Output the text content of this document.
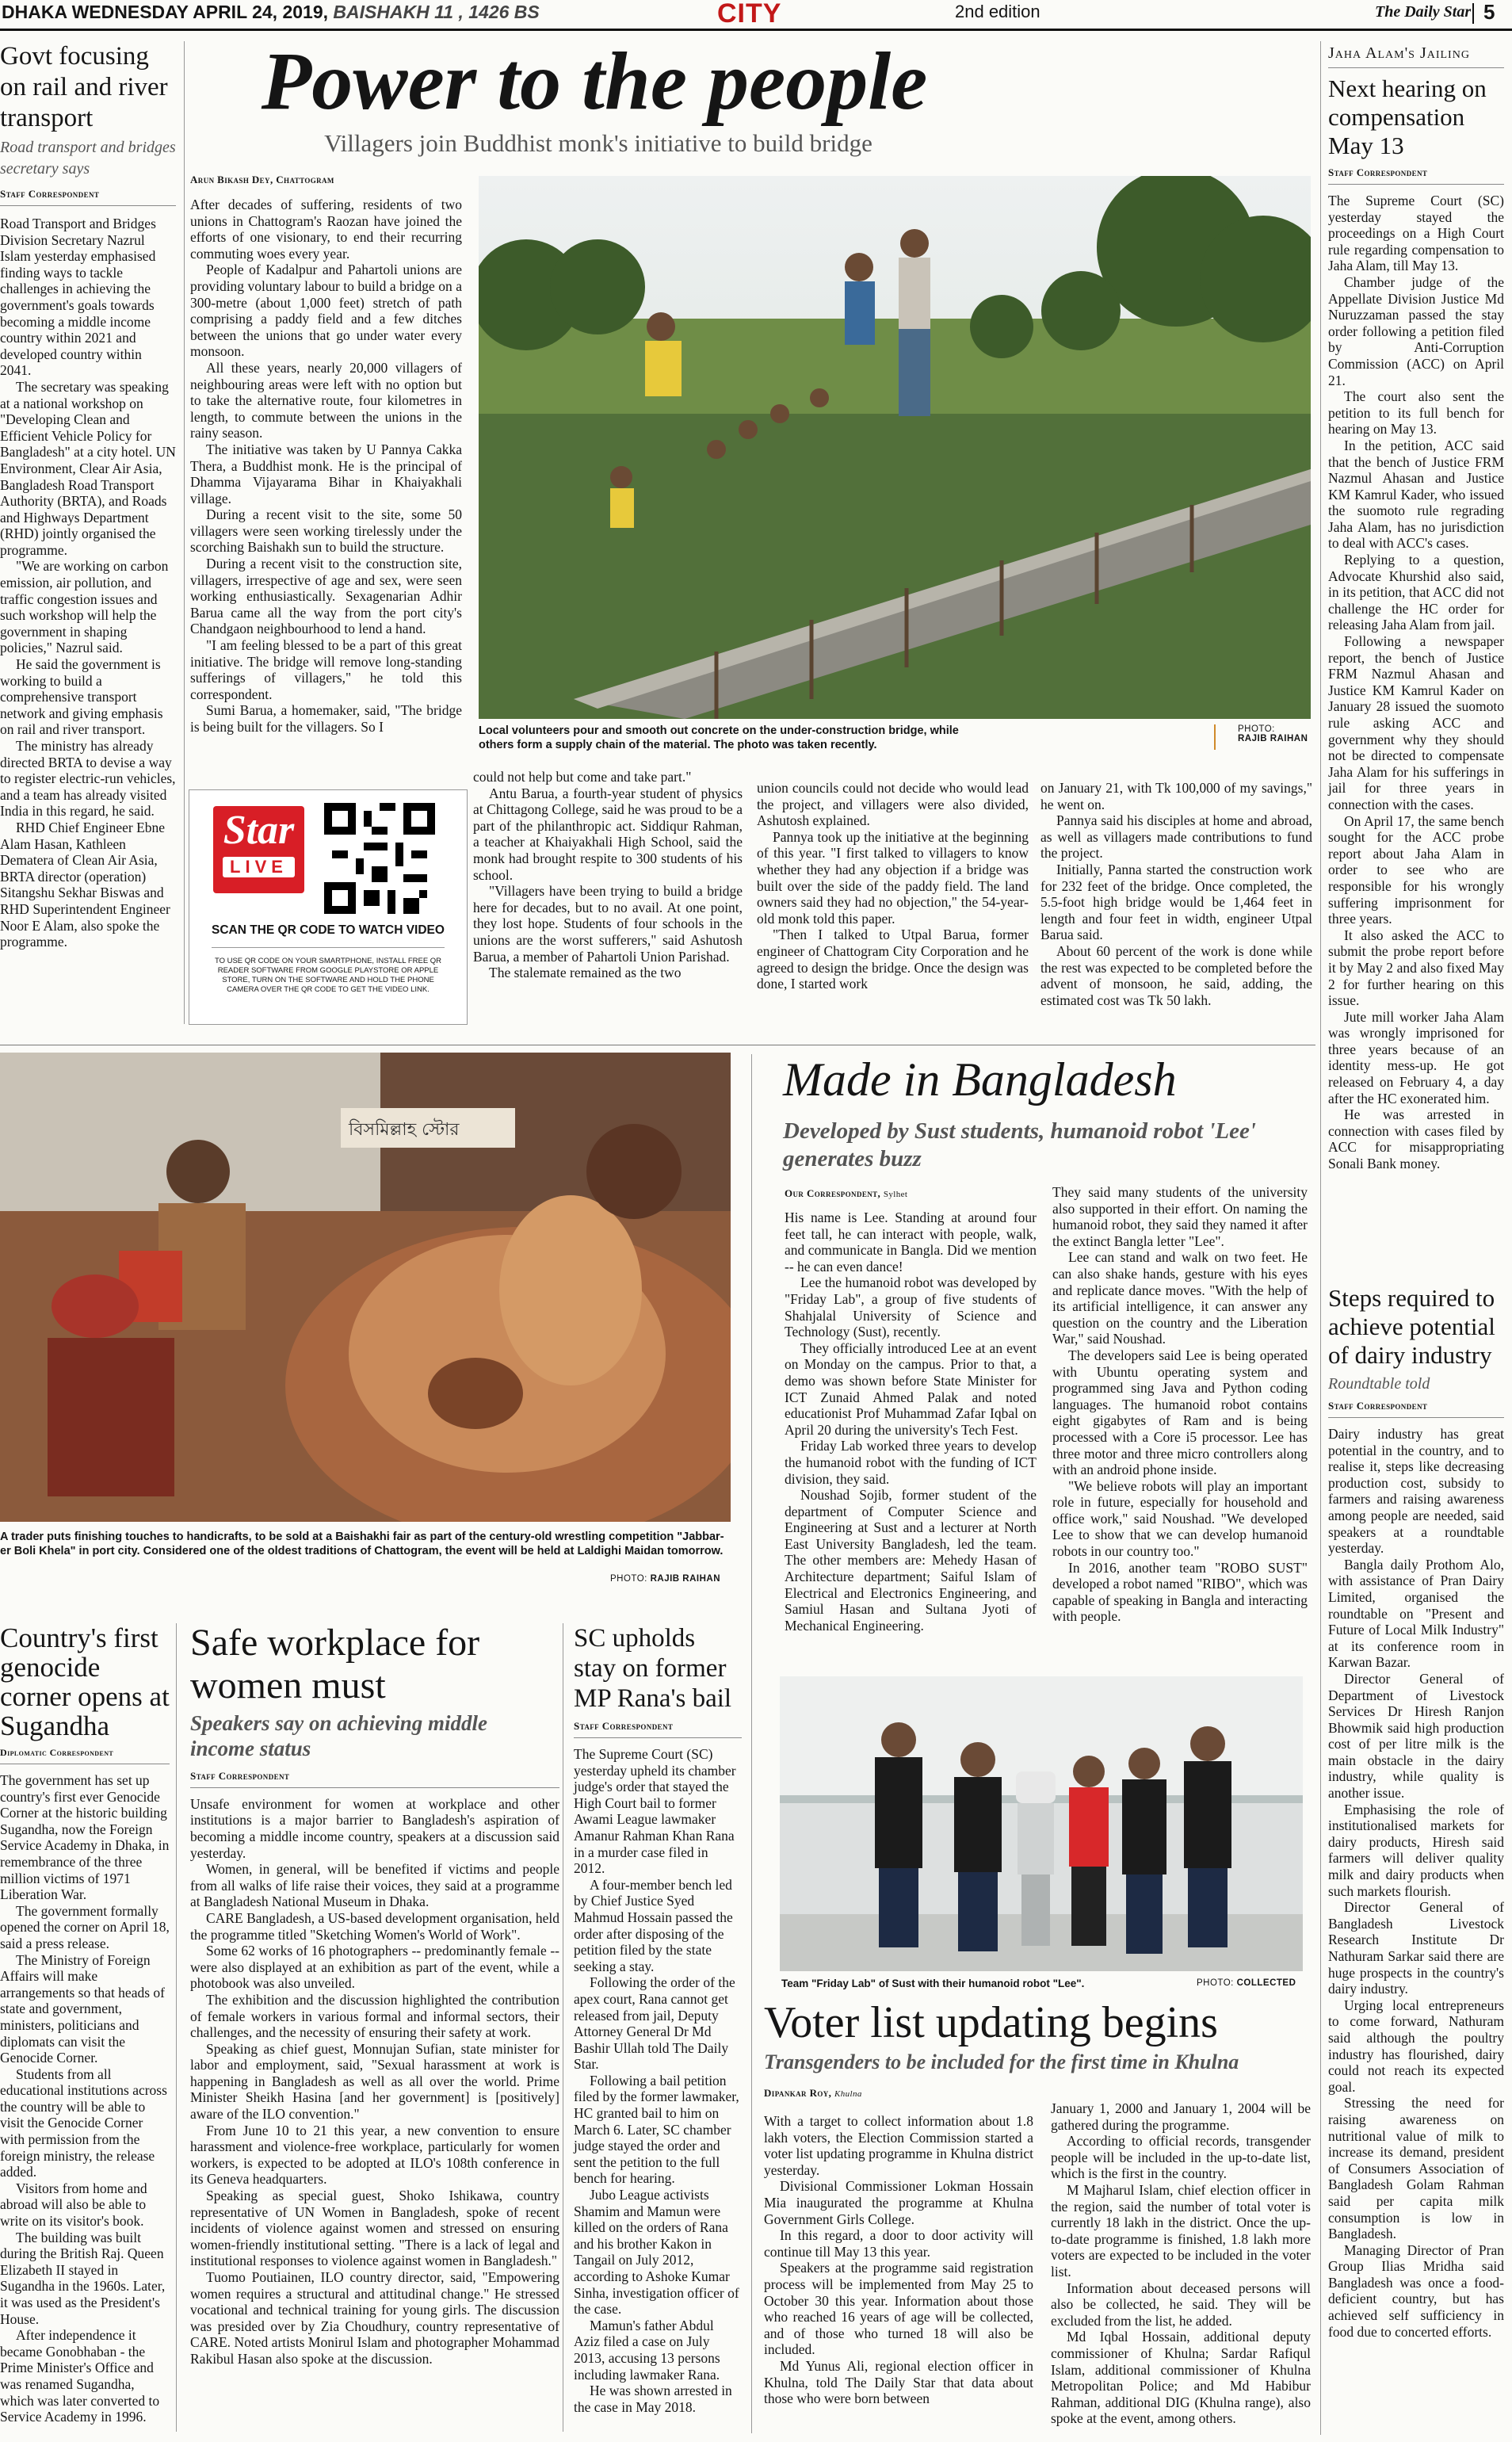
DHAKA WEDNESDAY APRIL 24, 2019, BAISHAKH 11 , 1426 BS	CITY	2nd edition	The Daily Star 5
Govt focusing on rail and river transport
Road transport and bridges secretary says
Staff Correspondent

Road Transport and Bridges Division Secretary Nazrul Islam yesterday emphasised finding ways to tackle challenges in achieving the government's goals towards becoming a middle income country within 2021 and developed country within 2041.

The secretary was speaking at a national workshop on "Developing Clean and Efficient Vehicle Policy for Bangladesh" at a city hotel. UN Environment, Clear Air Asia, Bangladesh Road Transport Authority (BRTA), and Roads and Highways Department (RHD) jointly organised the programme.

"We are working on carbon emission, air pollution, and traffic congestion issues and such workshop will help the government in shaping policies," Nazrul said.

He said the government is working to build a comprehensive transport network and giving emphasis on rail and river transport.

The ministry has already directed BRTA to devise a way to register electric-run vehicles, and a team has already visited India in this regard, he said.

RHD Chief Engineer Ebne Alam Hasan, Kathleen Dematera of Clean Air Asia, BRTA director (operation) Sitangshu Sekhar Biswas and RHD Superintendent Engineer Noor E Alam, also spoke the programme.

Power to the people
Villagers join Buddhist monk's initiative to build bridge
Arun Bikash Dey, Chattogram

After decades of suffering, residents of two unions in Chattogram's Raozan have joined the efforts of one visionary, to end their recurring commuting woes every year.

People of Kadalpur and Pahartoli unions are providing voluntary labour to build a bridge on a 300-metre (about 1,000 feet) stretch of path comprising a paddy field and a few ditches between the unions that go under water every monsoon.

All these years, nearly 20,000 villagers of neighbouring areas were left with no option but to take the alternative route, four kilometres in length, to commute between the unions in the rainy season.

The initiative was taken by U Pannya Cakka Thera, a Buddhist monk. He is the principal of Dhamma Vijayarama Bihar in Khaiyakhali village.

During a recent visit to the site, some 50 villagers were seen working tirelessly under the scorching Baishakh sun to build the structure.

During a recent visit to the construction site, villagers, irrespective of age and sex, were seen working enthusiastically. Sexagenarian Adhir Barua came all the way from the port city's Chandgaon neighbourhood to lend a hand.

"I am feeling blessed to be a part of this great initiative. The bridge will remove long-standing sufferings of villagers," he told this correspondent.

Sumi Barua, a homemaker, said, "The bridge is being built for the villagers. So I	Local volunteers pour and smooth out concrete on the under-construction bridge, while others form a supply chain of the material. The photo was taken recently.
PHOTO:
RAJIB RAIHAN
Star
LIVE
SCAN THE QR CODE TO WATCH VIDEO
TO USE QR CODE ON YOUR SMARTPHONE, INSTALL FREE QR READER SOFTWARE FROM GOOGLE PLAYSTORE OR APPLE STORE, TURN ON THE SOFTWARE AND HOLD THE PHONE CAMERA OVER THE QR CODE TO GET THE VIDEO LINK.

could not help but come and take part."

Antu Barua, a fourth-year student of physics at Chittagong College, said he was proud to be a part of the philanthropic act. Siddiqur Rahman, a teacher at Khaiyakhali High School, said the monk had brought respite to 300 students of his school.

"Villagers have been trying to build a bridge here for decades, but to no avail. At one point, they lost hope. Students of four schools in the unions are the worst sufferers," said Ashutosh Barua, a member of Pahartoli Union Parishad.

The stalemate remained as the two

union councils could not decide who would lead the project, and villagers were also divided, Ashutosh explained.

Pannya took up the initiative at the beginning of this year. "I first talked to villagers to know whether they had any objection if a bridge was built over the side of the paddy field. The land owners said they had no objection," the 54-year-old monk told this paper.

"Then I talked to Utpal Barua, former engineer of Chattogram City Corporation and he agreed to design the bridge. Once the design was done, I started work

on January 21, with Tk 100,000 of my savings," he went on.

Pannya said his disciples at home and abroad, as well as villagers made contributions to fund the project.

Initially, Panna started the construction work for 232 feet of the bridge. Once completed, the 5.5-foot high bridge would be 1,464 feet in length and four feet in width, engineer Utpal Barua said.

About 60 percent of the work is done while the rest was expected to be completed before the advent of monsoon, he said, adding, the estimated cost was Tk 50 lakh.

Jaha Alam's Jailing
Next hearing on compensation May 13
Staff Correspondent

The Supreme Court (SC) yesterday stayed the proceedings on a High Court rule regarding compensation to Jaha Alam, till May 13.

Chamber judge of the Appellate Division Justice Md Nuruzzaman passed the stay order following a petition filed by Anti-Corruption Commission (ACC) on April 21.

The court also sent the petition to its full bench for hearing on May 13.

In the petition, ACC said that the bench of Justice FRM Nazmul Ahasan and Justice KM Kamrul Kader, who issued the suomoto rule regrading Jaha Alam, has no jurisdiction to deal with ACC's cases.

Replying to a question, Advocate Khurshid also said, in its petition, that ACC did not challenge the HC order for releasing Jaha Alam from jail.

Following a newspaper report, the bench of Justice FRM Nazmul Ahasan and Justice KM Kamrul Kader on January 28 issued the suomoto rule asking ACC and government why they should not be directed to compensate Jaha Alam for his sufferings in jail for three years in connection with the cases.

On April 17, the same bench sought for the ACC probe report about Jaha Alam in order to see who are responsible for his wrongly suffering imprisonment for three years.

It also asked the ACC to submit the probe report before it by May 2 and also fixed May 2 for further hearing on this issue.

Jute mill worker Jaha Alam was wrongly imprisoned for three years because of an identity mess-up. He got released on February 4, a day after the HC exonerated him.

He was arrested in connection with cases filed by ACC for misappropriating Sonali Bank money.

Steps required to achieve potential of dairy industry
Roundtable told
Staff Correspondent

Dairy industry has great potential in the country, and to realise it, steps like decreasing production cost, subsidy to farmers and raising awareness among people are needed, said speakers at a roundtable yesterday.

Bangla daily Prothom Alo, with assistance of Pran Dairy Limited, organised the roundtable on "Present and Future of Local Milk Industry" at its conference room in Karwan Bazar.

Director General of Department of Livestock Services Dr Hiresh Ranjon Bhowmik said high production cost of per litre milk is the main obstacle in the dairy industry, while quality is another issue.

Emphasising the role of institutionalised markets for dairy products, Hiresh said farmers will deliver quality milk and dairy products when such markets flourish.

Director General of Bangladesh Livestock Research Institute Dr Nathuram Sarkar said there are huge prospects in the country's dairy industry.

Urging local entrepreneurs to come forward, Nathuram said although the poultry industry has flourished, dairy could not reach its expected goal.

Stressing the need for raising awareness on nutritional value of milk to increase its demand, president of Consumers Association of Bangladesh Golam Rahman said per capita milk consumption is low in Bangladesh.

Managing Director of Pran Group Ilias Mridha said Bangladesh was once a food-deficient country, but has achieved self sufficiency in food due to concerted efforts.

বিসমিল্লাহ স্টোর
A trader puts finishing touches to handicrafts, to be sold at a Baishakhi fair as part of the century-old wrestling competition "Jabbar-er Boli Khela" in port city. Considered one of the oldest traditions of Chattogram, the event will be held at Laldighi Maidan tomorrow.
PHOTO: RAJIB RAIHAN
Made in Bangladesh
Developed by Sust students, humanoid robot 'Lee' generates buzz
Our Correspondent, Sylhet

His name is Lee. Standing at around four feet tall, he can interact with people, walk, and communicate in Bangla. Did we mention -- he can even dance!

Lee the humanoid robot was developed by "Friday Lab", a group of five students of Shahjalal University of Science and Technology (Sust), recently.

They officially introduced Lee at an event on Monday on the campus. Prior to that, a demo was shown before State Minister for ICT Zunaid Ahmed Palak and noted educationist Prof Muhammad Zafar Iqbal on April 20 during the university's Tech Fest.

Friday Lab worked three years to develop the humanoid robot with the funding of ICT division, they said.

Noushad Sojib, former student of the department of Computer Science and Engineering at Sust and a lecturer at North East University Bangladesh, led the team. The other members are: Mehedy Hasan of Architecture department; Saiful Islam of Electrical and Electronics Engineering, and Samiul Hasan and Sultana Jyoti of Mechanical Engineering.

They said many students of the university also supported in their effort. On naming the humanoid robot, they said they named it after the extinct Bangla letter "Lee".

Lee can stand and walk on two feet. He can also shake hands, gesture with his eyes and replicate dance moves. "With the help of its artificial intelligence, it can answer any question on the country and the Liberation War," said Noushad.

The developers said Lee is being operated with Ubuntu operating system and programmed sing Java and Python coding languages. The humanoid robot contains eight gigabytes of Ram and is being processed with a Core i5 processor. Lee has three motor and three micro controllers along with an android phone inside.

"We believe robots will play an important role in future, especially for household and office work," said Noushad. "We developed Lee to show that we can develop humanoid robots in our country too."

In 2016, another team "ROBO SUST" developed a robot named "RIBO", which was capable of speaking in Bangla and interacting with people.

Team "Friday Lab" of Sust with their humanoid robot "Lee".	PHOTO: COLLECTED
Voter list updating begins
Transgenders to be included for the first time in Khulna
Dipankar Roy, Khulna

With a target to collect information about 1.8 lakh voters, the Election Commission started a voter list updating programme in Khulna district yesterday.

Divisional Commissioner Lokman Hossain Mia inaugurated the programme at Khulna Government Girls College.

In this regard, a door to door activity will continue till May 13 this year.

Speakers at the programme said registration process will be implemented from May 25 to October 30 this year. Information about those who reached 16 years of age will be collected, and of those who turned 18 will also be included.

Md Yunus Ali, regional election officer in Khulna, told The Daily Star that data about those who were born between

January 1, 2000 and January 1, 2004 will be gathered during the programme.

According to official records, transgender people will be included in the up-to-date list, which is the first in the country.

M Majharul Islam, chief election officer in the region, said the number of total voter is currently 18 lakh in the district. Once the up-to-date programme is finished, 1.8 lakh more voters are expected to be included in the voter list.

Information about deceased persons will also be collected, he said. They will be excluded from the list, he added.

Md Iqbal Hossain, additional deputy commissioner of Khulna; Sardar Rafiqul Islam, additional commissioner of Khulna Metropolitan Police; and Md Habibur Rahman, additional DIG (Khulna range), also spoke at the event, among others.

Country's first genocide corner opens at Sugandha
Diplomatic Correspondent

The government has set up country's first ever Genocide Corner at the historic building Sugandha, now the Foreign Service Academy in Dhaka, in remembrance of the three million victims of 1971 Liberation War.

The government formally opened the corner on April 18, said a press release.

The Ministry of Foreign Affairs will make arrangements so that heads of state and government, ministers, politicians and diplomats can visit the Genocide Corner.

Students from all educational institutions across the country will be able to visit the Genocide Corner with permission from the foreign ministry, the release added.

Visitors from home and abroad will also be able to write on its visitor's book.

The building was built during the British Raj. Queen Elizabeth II stayed in Sugandha in the 1960s. Later, it was used as the President's House.

After independence it became Gonobhaban - the Prime Minister's Office and was renamed Sugandha, which was later converted to Service Academy in 1996.

Safe workplace for women must
Speakers say on achieving middle income status
Staff Correspondent

Unsafe environment for women at workplace and other institutions is a major barrier to Bangladesh's aspiration of becoming a middle income country, speakers at a discussion said yesterday.

Women, in general, will be benefited if victims and people from all walks of life raise their voices, they said at a programme at Bangladesh National Museum in Dhaka.

CARE Bangladesh, a US-based development organisation, held the programme titled "Sketching Women's World of Work".

Some 62 works of 16 photographers -- predominantly female -- were also displayed at an exhibition as part of the event, while a photobook was also unveiled.

The exhibition and the discussion highlighted the contribution of female workers in various formal and informal sectors, their challenges, and the necessity of ensuring their safety at work.

Speaking as chief guest, Monnujan Sufian, state minister for labor and employment, said, "Sexual harassment at work is happening in Bangladesh as well as all over the world. Prime Minister Sheikh Hasina [and her government] is [positively] aware of the ILO convention."

From June 10 to 21 this year, a new convention to ensure harassment and violence-free workplace, particularly for women workers, is expected to be adopted at ILO's 108th conference in its Geneva headquarters.

Speaking as special guest, Shoko Ishikawa, country representative of UN Women in Bangladesh, spoke of recent incidents of violence against women and stressed on ensuring women-friendly institutional setting. "There is a lack of legal and institutional responses to violence against women in Bangladesh."

Tuomo Poutiainen, ILO country director, said, "Empowering women requires a structural and attitudinal change." He stressed vocational and technical training for young girls. The discussion was presided over by Zia Choudhury, country representative of CARE. Noted artists Monirul Islam and photographer Mohammad Rakibul Hasan also spoke at the discussion.

SC upholds stay on former MP Rana's bail
Staff Correspondent

The Supreme Court (SC) yesterday upheld its chamber judge's order that stayed the High Court bail to former Awami League lawmaker Amanur Rahman Khan Rana in a murder case filed in 2012.

A four-member bench led by Chief Justice Syed Mahmud Hossain passed the order after disposing of the petition filed by the state seeking a stay.

Following the order of the apex court, Rana cannot get released from jail, Deputy Attorney General Dr Md Bashir Ullah told The Daily Star.

Following a bail petition filed by the former lawmaker, HC granted bail to him on March 6. Later, SC chamber judge stayed the order and sent the petition to the full bench for hearing.

Jubo League activists Shamim and Mamun were killed on the orders of Rana and his brother Kakon in Tangail on July 2012, according to Ashoke Kumar Sinha, investigation officer of the case.

Mamun's father Abdul Aziz filed a case on July 2013, accusing 13 persons including lawmaker Rana.

He was shown arrested in the case in May 2018.
